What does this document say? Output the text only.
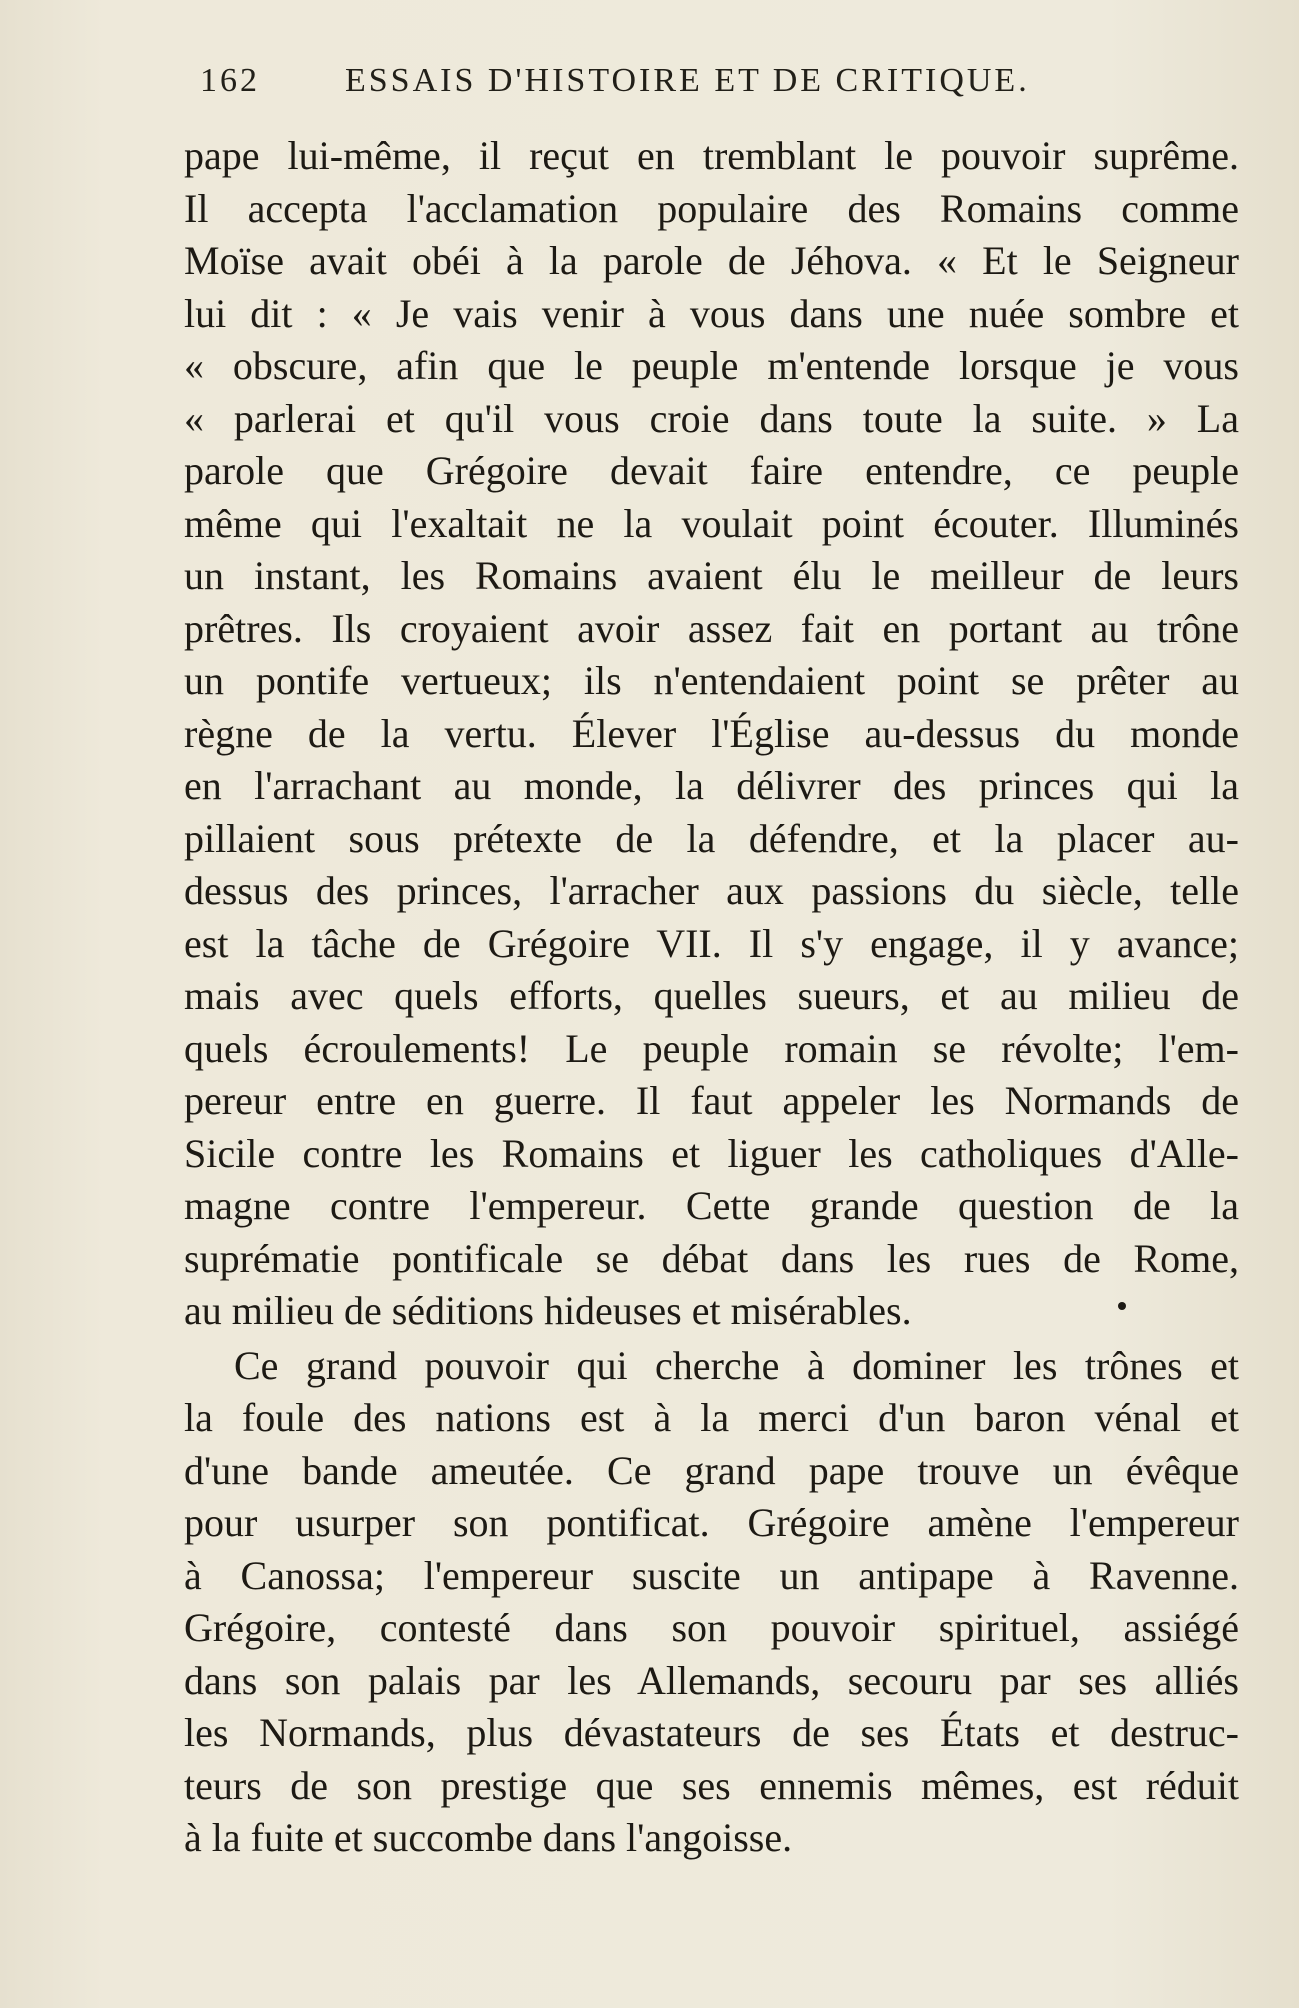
162	ESSAIS D'HISTOIRE ET DE CRITIQUE.
pape lui-même, il reçut en tremblant le pouvoir suprême.
Il accepta l'acclamation populaire des Romains comme
Moïse avait obéi à la parole de Jéhova. « Et le Seigneur
lui dit : « Je vais venir à vous dans une nuée sombre et
« obscure, afin que le peuple m'entende lorsque je vous
« parlerai et qu'il vous croie dans toute la suite. » La
parole que Grégoire devait faire entendre, ce peuple
même qui l'exaltait ne la voulait point écouter. Illuminés
un instant, les Romains avaient élu le meilleur de leurs
prêtres. Ils croyaient avoir assez fait en portant au trône
un pontife vertueux; ils n'entendaient point se prêter au
règne de la vertu. Élever l'Église au-dessus du monde
en l'arrachant au monde, la délivrer des princes qui la
pillaient sous prétexte de la défendre, et la placer au-
dessus des princes, l'arracher aux passions du siècle, telle
est la tâche de Grégoire VII. Il s'y engage, il y avance;
mais avec quels efforts, quelles sueurs, et au milieu de
quels écroulements! Le peuple romain se révolte; l'em-
pereur entre en guerre. Il faut appeler les Normands de
Sicile contre les Romains et liguer les catholiques d'Alle-
magne contre l'empereur. Cette grande question de la
suprématie pontificale se débat dans les rues de Rome,
au milieu de séditions hideuses et misérables.
Ce grand pouvoir qui cherche à dominer les trônes et
la foule des nations est à la merci d'un baron vénal et
d'une bande ameutée. Ce grand pape trouve un évêque
pour usurper son pontificat. Grégoire amène l'empereur
à Canossa; l'empereur suscite un antipape à Ravenne.
Grégoire, contesté dans son pouvoir spirituel, assiégé
dans son palais par les Allemands, secouru par ses alliés
les Normands, plus dévastateurs de ses États et destruc-
teurs de son prestige que ses ennemis mêmes, est réduit
à la fuite et succombe dans l'angoisse.
